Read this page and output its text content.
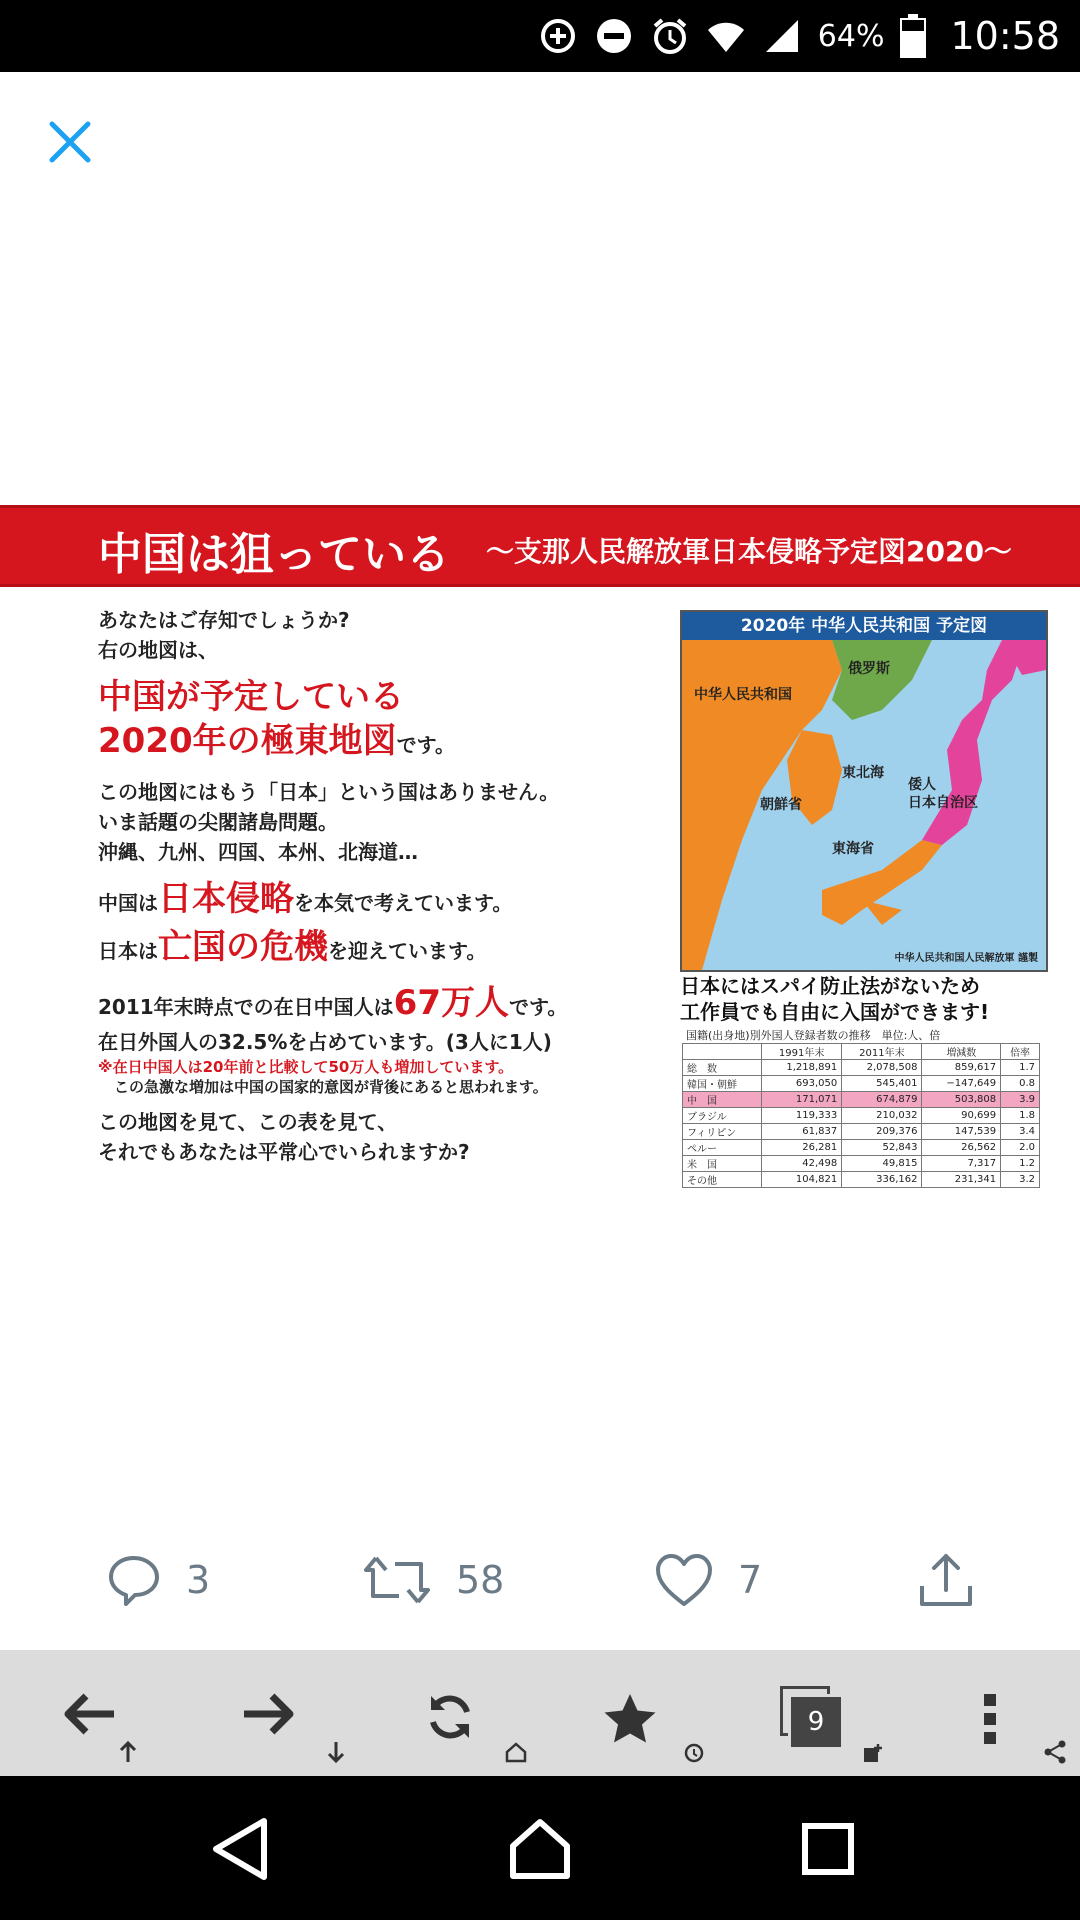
64% 10:58
中国は狙っている ～支那人民解放軍日本侵略予定図2020～
あなたはご存知でしょうか?
右の地図は、
中国が予定している
2020年の極東地図です。
この地図にはもう「日本」という国はありません。
いま話題の尖閣諸島問題。
沖縄、九州、四国、本州、北海道…
中国は日本侵略を本気で考えています。
日本は亡国の危機を迎えています。
2011年末時点での在日中国人は67万人です。
在日外国人の32.5%を占めています。(3人に1人)
※在日中国人は20年前と比較して50万人も増加しています。
この急激な増加は中国の国家的意図が背後にあると思われます。
この地図を見て、この表を見て、
それでもあなたは平常心でいられますか?
2020年 中华人民共和国 予定図
中华人民共和国
俄罗斯
東北海
朝鮮省
倭人
日本自治区
東海省
中华人民共和国人民解放軍 謹製
日本にはスパイ防止法がないため
工作員でも自由に入国ができます!
国籍(出身地)別外国人登録者数の推移　単位:人、倍
	1991年末	2011年末	増減数	倍率
総　数	1,218,891	2,078,508	859,617	1.7
韓国・朝鮮	693,050	545,401	−147,649	0.8
中　国	171,071	674,879	503,808	3.9
ブラジル	119,333	210,032	90,699	1.8
フィリピン	61,837	209,376	147,539	3.4
ペルー	26,281	52,843	26,562	2.0
米　国	42,498	49,815	7,317	1.2
その他	104,821	336,162	231,341	3.2
3	58	7
9
